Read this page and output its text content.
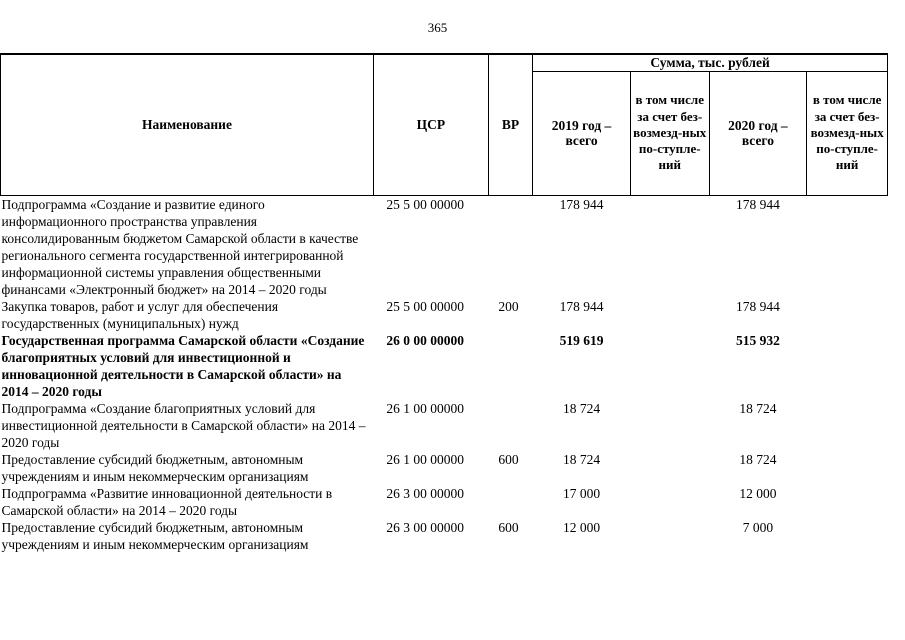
365
Наименование	ЦСР	ВР	Сумма, тыс. рублей			
			2019 год – всего	в том числе за счет без-возмезд-ных по-ступле-ний	2020 год – всего	в том числе за счет без-возмезд-ных по-ступле-ний
Подпрограмма «Создание и развитие единого информационного пространства управления консолидированным бюджетом Самарской области в качестве регионального сегмента государственной интегрированной информационной системы управления общественными финансами «Электронный бюджет» на 2014 – 2020 годы	25 5 00 00000		178 944		178 944	
Закупка товаров, работ и услуг для обеспечения государственных (муниципальных) нужд	25 5 00 00000	200	178 944		178 944	
Государственная программа Самарской области «Создание благоприятных условий для инвестиционной и инновационной деятельности в Самарской области» на 2014 – 2020 годы	26 0 00 00000		519 619		515 932	
Подпрограмма «Создание благоприятных условий для инвестиционной деятельности в Самарской области» на 2014 – 2020 годы	26 1 00 00000		18 724		18 724	
Предоставление субсидий бюджетным, автономным учреждениям и иным некоммерческим организациям	26 1 00 00000	600	18 724		18 724	
Подпрограмма «Развитие инновационной деятельности в Самарской области» на 2014 – 2020 годы	26 3 00 00000		17 000		12 000	
Предоставление субсидий бюджетным, автономным учреждениям и иным некоммерческим организациям	26 3 00 00000	600	12 000		7 000	
